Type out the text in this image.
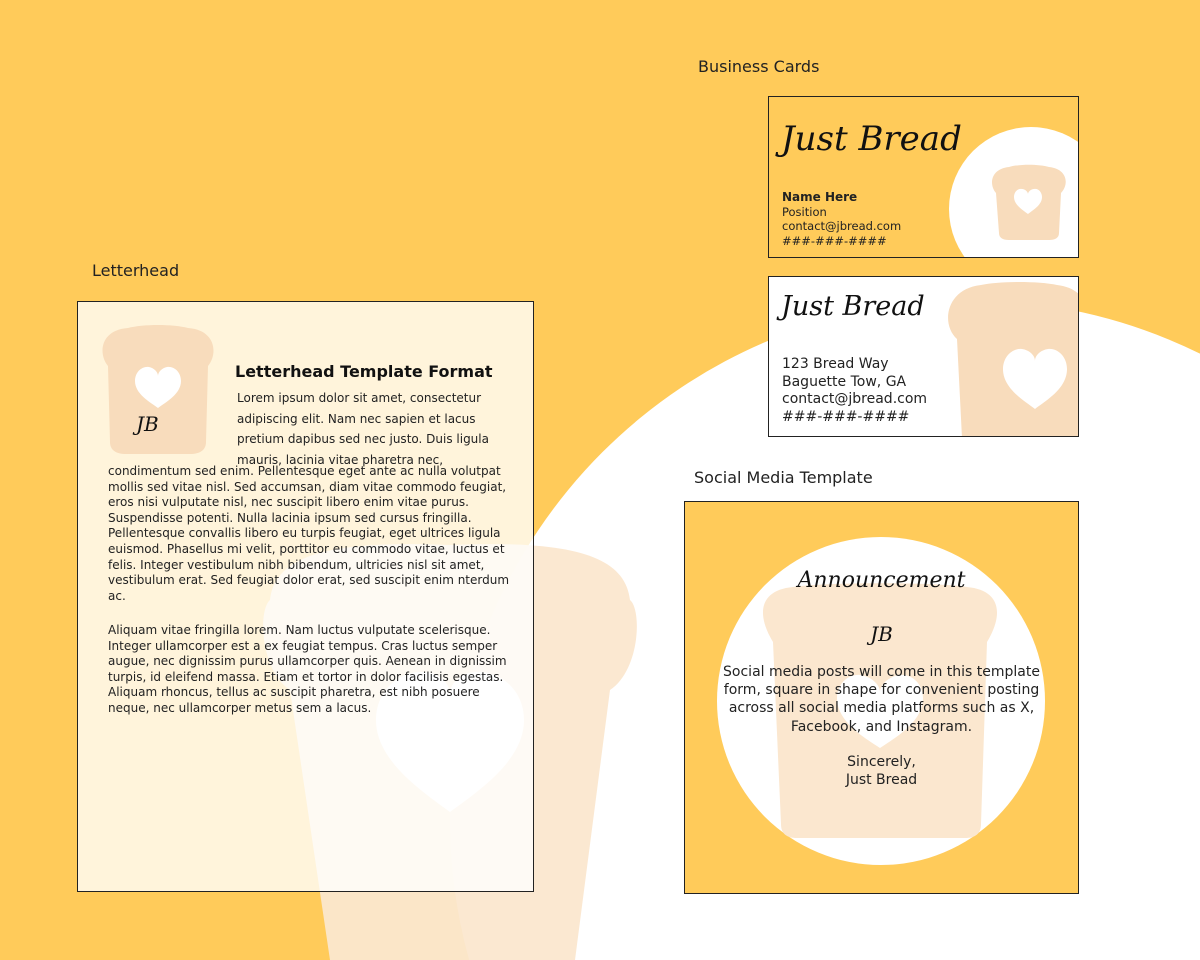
Letterhead
Business Cards
Social Media Template
JB
Letterhead Template Format

Lorem ipsum dolor sit amet, consectetur adipiscing elit. Nam nec sapien et lacus pretium dapibus sed nec justo. Duis ligula mauris, lacinia vitae pharetra nec,

condimentum sed enim. Pellentesque eget ante ac nulla volutpat mollis sed vitae nisl. Sed accumsan, diam vitae commodo feugiat, eros nisi vulputate nisl, nec suscipit libero enim vitae purus. Suspendisse potenti. Nulla lacinia ipsum sed cursus fringilla. Pellentesque convallis libero eu turpis feugiat, eget ultrices ligula euismod. Phasellus mi velit, porttitor eu commodo vitae, luctus et felis. Integer vestibulum nibh bibendum, ultricies nisl sit amet, vestibulum erat. Sed feugiat dolor erat, sed suscipit enim nterdum ac.

Aliquam vitae fringilla lorem. Nam luctus vulputate scelerisque. Integer ullamcorper est a ex feugiat tempus. Cras luctus semper augue, nec dignissim purus ullamcorper quis. Aenean in dignissim turpis, id eleifend massa. Etiam et tortor in dolor facilisis egestas. Aliquam rhoncus, tellus ac suscipit pharetra, est nibh posuere neque, nec ullamcorper metus sem a lacus.

Just Bread
Name Here
Position
contact@jbread.com
###-###-####
Just Bread
123 Bread Way
Baguette Tow, GA
contact@jbread.com
###-###-####
Announcement
JB
Social media posts will come in this template form, square in shape for convenient posting across all social media platforms such as X, Facebook, and Instagram.
Sincerely,
Just Bread
